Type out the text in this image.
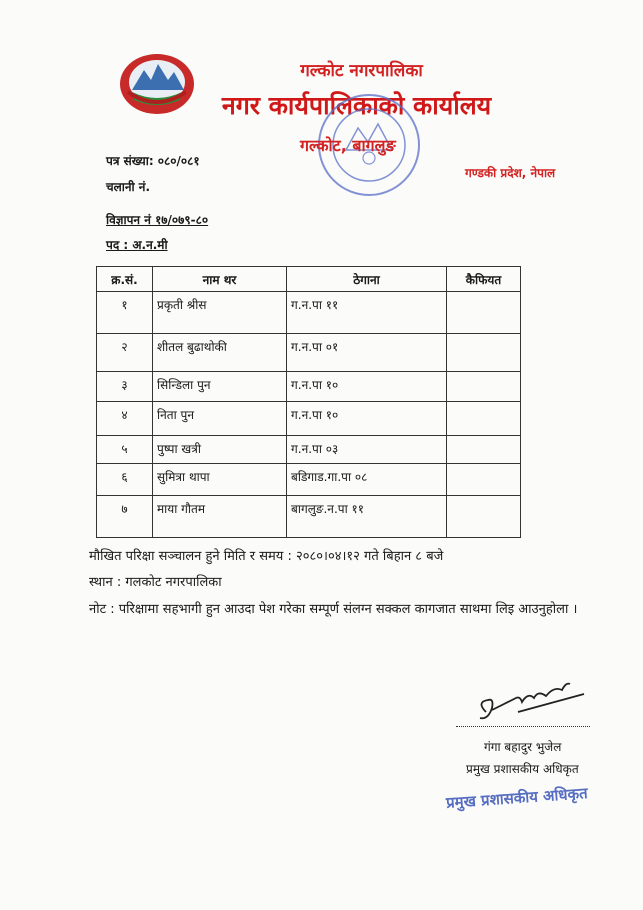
गल्कोट नगरपालिका
नगर कार्यपालिकाको कार्यालय
गल्कोट, बागलुङ
गण्डकी प्रदेश, नेपाल
पत्र संख्या: ०८०/०८१
चलानी नं.
विज्ञापन नं १७/०७९-८०
पद : अ.न.मी
क्र.सं.	नाम थर	ठेगाना	कैफियत
१	प्रकृती श्रीस	ग.न.पा ११	
२	शीतल बुढाथोकी	ग.न.पा ०१	
३	सिन्डिला पुन	ग.न.पा १०	
४	निता पुन	ग.न.पा १०	
५	पुष्पा खत्री	ग.न.पा ०३	
६	सुमित्रा थापा	बडिगाड.गा.पा ०८	
७	माया गौतम	बागलुङ.न.पा ११	
मौखित परिक्षा सञ्चालन हुने मिति र समय : २०८०।०४।१२ गते बिहान ८ बजे
स्थान : गलकोट नगरपालिका
नोट : परिक्षामा सहभागी हुन आउदा पेश गरेका सम्पूर्ण संलग्न सक्कल कागजात साथमा लिइ आउनुहोला ।
गंगा बहादुर भुजेल
प्रमुख प्रशासकीय अधिकृत
प्रमुख प्रशासकीय अधिकृत
